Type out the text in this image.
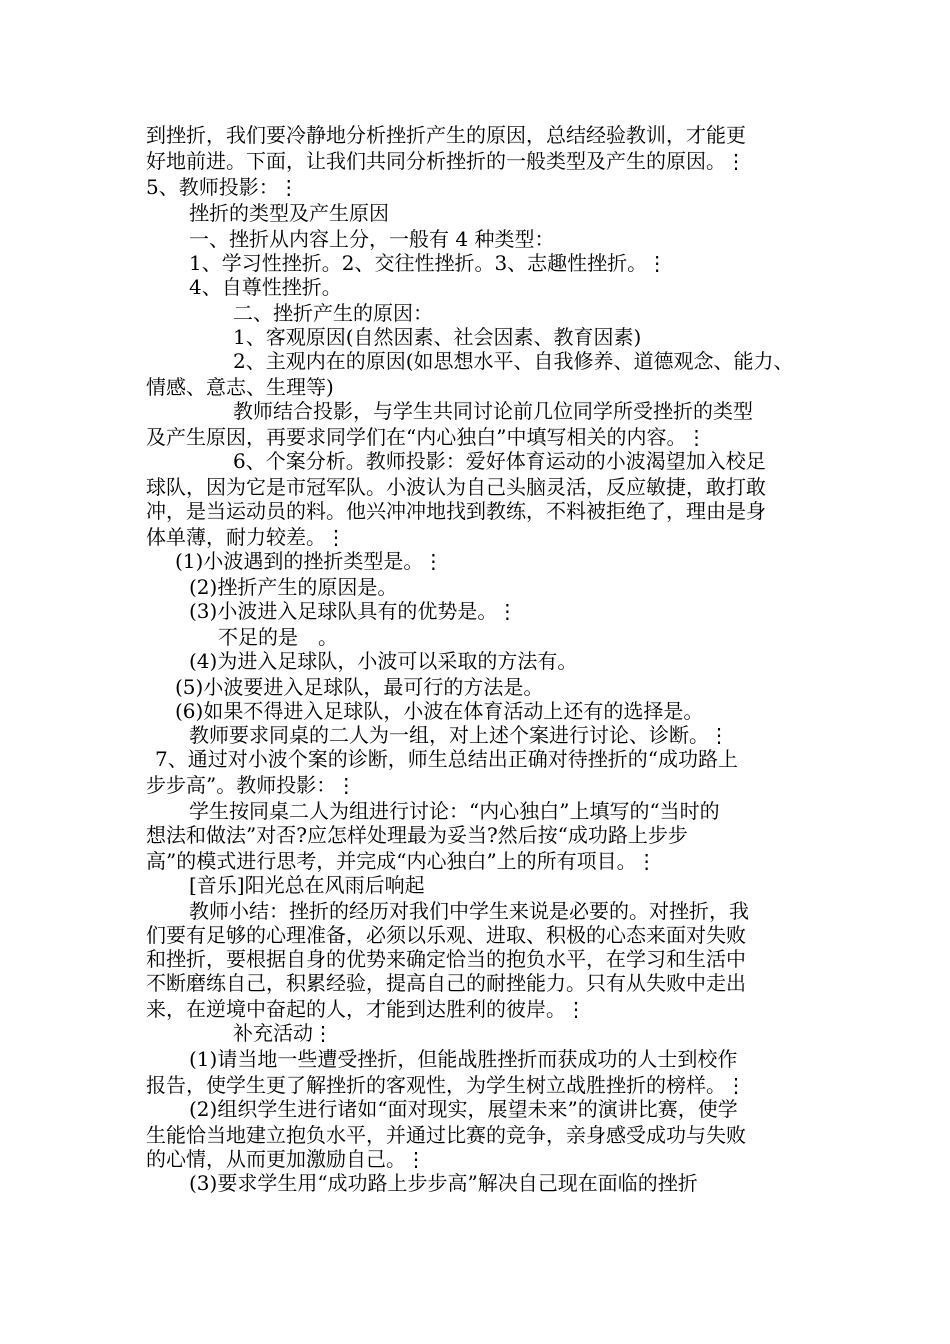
到挫折，我们要冷静地分析挫折产生的原因，总结经验教训，才能更
好地前进。下面，让我们共同分析挫折的一般类型及产生的原因。⋮
5、教师投影：⋮
挫折的类型及产生原因
一、挫折从内容上分，一般有 4 种类型：
1、学习性挫折。2、交往性挫折。3、志趣性挫折。⋮
4、自尊性挫折。
二、挫折产生的原因：
1、客观原因(自然因素、社会因素、教育因素)
2、主观内在的原因(如思想水平、自我修养、道德观念、能力、
情感、意志、生理等)
教师结合投影，与学生共同讨论前几位同学所受挫折的类型
及产生原因，再要求同学们在“内心独白”中填写相关的内容。⋮
6、个案分析。教师投影：爱好体育运动的小波渴望加入校足
球队，因为它是市冠军队。小波认为自己头脑灵活，反应敏捷，敢打敢
冲，是当运动员的料。他兴冲冲地找到教练，不料被拒绝了，理由是身
体单薄，耐力较差。⋮
(1)小波遇到的挫折类型是。⋮
(2)挫折产生的原因是。
(3)小波进入足球队具有的优势是。⋮
不足的是　。
(4)为进入足球队，小波可以采取的方法有。
(5)小波要进入足球队，最可行的方法是。
(6)如果不得进入足球队，小波在体育活动上还有的选择是。
教师要求同桌的二人为一组，对上述个案进行讨论、诊断。⋮
7、通过对小波个案的诊断，师生总结出正确对待挫折的“成功路上
步步高”。教师投影：⋮
学生按同桌二人为组进行讨论：“内心独白”上填写的“当时的
想法和做法”对否?应怎样处理最为妥当?然后按“成功路上步步
高”的模式进行思考，并完成“内心独白”上的所有项目。⋮
[音乐]阳光总在风雨后响起
教师小结：挫折的经历对我们中学生来说是必要的。对挫折，我
们要有足够的心理准备，必须以乐观、进取、积极的心态来面对失败
和挫折，要根据自身的优势来确定恰当的抱负水平，在学习和生活中
不断磨练自己，积累经验，提高自己的耐挫能力。只有从失败中走出
来，在逆境中奋起的人，才能到达胜利的彼岸。⋮
补充活动⋮
(1)请当地一些遭受挫折，但能战胜挫折而获成功的人士到校作
报告，使学生更了解挫折的客观性，为学生树立战胜挫折的榜样。⋮
(2)组织学生进行诸如“面对现实，展望未来”的演讲比赛，使学
生能恰当地建立抱负水平，并通过比赛的竞争，亲身感受成功与失败
的心情，从而更加激励自己。⋮
(3)要求学生用“成功路上步步高”解决自己现在面临的挫折
